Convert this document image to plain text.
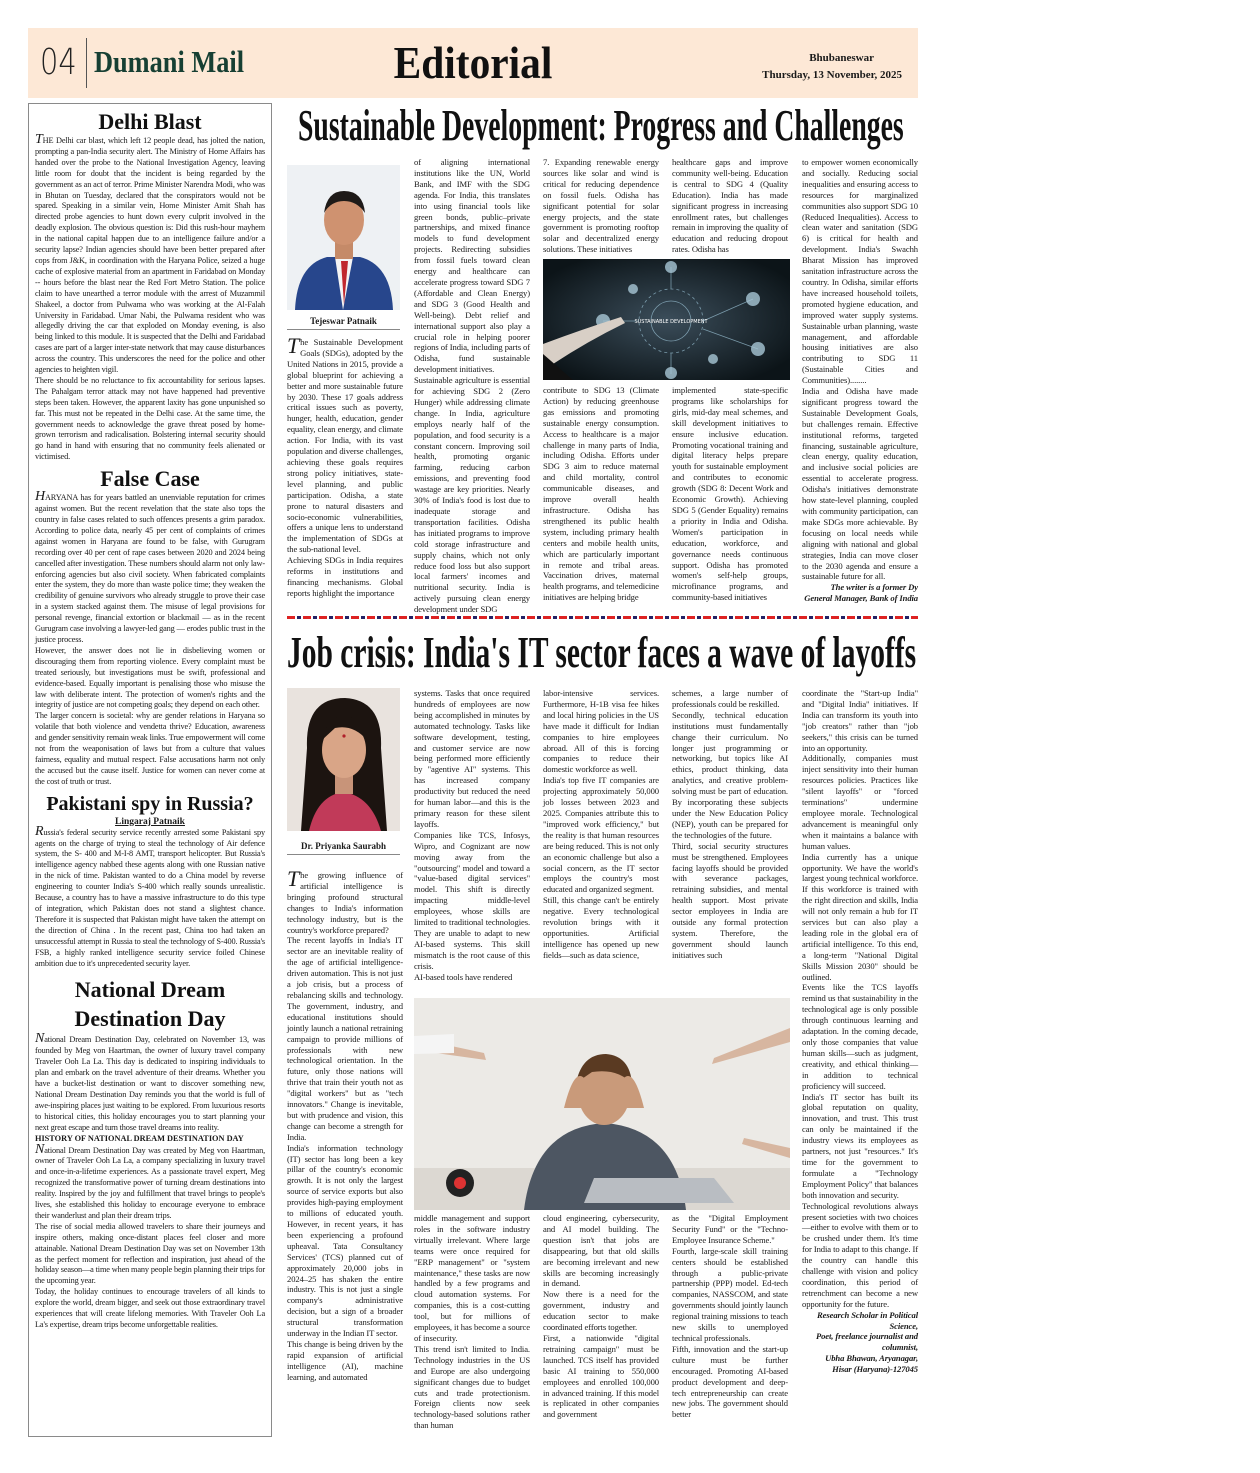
04 Dumani Mail	Editorial	Bhubaneswar
Thursday, 13 November, 2025
Delhi Blast

THE Delhi car blast, which left 12 people dead, has jolted the nation, prompting a pan-India security alert. The Ministry of Home Affairs has handed over the probe to the National Investigation Agency, leaving little room for doubt that the incident is being regarded by the government as an act of terror. Prime Minister Narendra Modi, who was in Bhutan on Tuesday, declared that the conspirators would not be spared. Speaking in a similar vein, Home Minister Amit Shah has directed probe agencies to hunt down every culprit involved in the deadly explosion. The obvious question is: Did this rush-hour mayhem in the national capital happen due to an intelligence failure and/or a security lapse? Indian agencies should have been better prepared after cops from J&K, in coordination with the Haryana Police, seized a huge cache of explosive material from an apartment in Faridabad on Monday -- hours before the blast near the Red Fort Metro Station. The police claim to have unearthed a terror module with the arrest of Muzammil Shakeel, a doctor from Pulwama who was working at the Al-Falah University in Faridabad. Umar Nabi, the Pulwama resident who was allegedly driving the car that exploded on Monday evening, is also being linked to this module. It is suspected that the Delhi and Faridabad cases are part of a larger inter-state network that may cause disturbances across the country. This underscores the need for the police and other agencies to heighten vigil.

There should be no reluctance to fix accountability for serious lapses. The Pahalgam terror attack may not have happened had preventive steps been taken. However, the apparent laxity has gone unpunished so far. This must not be repeated in the Delhi case. At the same time, the government needs to acknowledge the grave threat posed by home-grown terrorism and radicalisation. Bolstering internal security should go hand in hand with ensuring that no community feels alienated or victimised.

False Case

HARYANA has for years battled an unenviable reputation for crimes against women. But the recent revelation that the state also tops the country in false cases related to such offences presents a grim paradox. According to police data, nearly 45 per cent of complaints of crimes against women in Haryana are found to be false, with Gurugram recording over 40 per cent of rape cases between 2020 and 2024 being cancelled after investigation. These numbers should alarm not only law-enforcing agencies but also civil society. When fabricated complaints enter the system, they do more than waste police time; they weaken the credibility of genuine survivors who already struggle to prove their case in a system stacked against them. The misuse of legal provisions for personal revenge, financial extortion or blackmail — as in the recent Gurugram case involving a lawyer-led gang — erodes public trust in the justice process.

However, the answer does not lie in disbelieving women or discouraging them from reporting violence. Every complaint must be treated seriously, but investigations must be swift, professional and evidence-based. Equally important is penalising those who misuse the law with deliberate intent. The protection of women's rights and the integrity of justice are not competing goals; they depend on each other.

The larger concern is societal: why are gender relations in Haryana so volatile that both violence and vendetta thrive? Education, awareness and gender sensitivity remain weak links. True empowerment will come not from the weaponisation of laws but from a culture that values fairness, equality and mutual respect. False accusations harm not only the accused but the cause itself. Justice for women can never come at the cost of truth or trust.

Pakistani spy in Russia?
Lingaraj Patnaik

Russia's federal security service recently arrested some Pakistani spy agents on the charge of trying to steal the technology of Air defence system, the S- 400 and M-I-8 AMT, transport helicopter. But Russia's intelligence agency nabbed these agents along with one Russian native in the nick of time. Pakistan wanted to do a China model by reverse engineering to counter India's S-400 which really sounds unrealistic. Because, a country has to have a massive infrastructure to do this type of integration, which Pakistan does not stand a slightest chance. Therefore it is suspected that Pakistan might have taken the attempt on the direction of China . In the recent past, China too had taken an unsuccessful attempt in Russia to steal the technology of S-400. Russia's FSB, a highly ranked intelligence security service foiled Chinese ambition due to it's unprecedented security layer.

National Dream Destination Day

National Dream Destination Day, celebrated on November 13, was founded by Meg von Haartman, the owner of luxury travel company Traveler Ooh La La. This day is dedicated to inspiring individuals to plan and embark on the travel adventure of their dreams. Whether you have a bucket-list destination or want to discover something new, National Dream Destination Day reminds you that the world is full of awe-inspiring places just waiting to be explored. From luxurious resorts to historical cities, this holiday encourages you to start planning your next great escape and turn those travel dreams into reality.

HISTORY OF NATIONAL DREAM DESTINATION DAY

National Dream Destination Day was created by Meg von Haartman, owner of Traveler Ooh La La, a company specializing in luxury travel and once-in-a-lifetime experiences. As a passionate travel expert, Meg recognized the transformative power of turning dream destinations into reality. Inspired by the joy and fulfillment that travel brings to people's lives, she established this holiday to encourage everyone to embrace their wanderlust and plan their dream trips.

The rise of social media allowed travelers to share their journeys and inspire others, making once-distant places feel closer and more attainable. National Dream Destination Day was set on November 13th as the perfect moment for reflection and inspiration, just ahead of the holiday season—a time when many people begin planning their trips for the upcoming year.

Today, the holiday continues to encourage travelers of all kinds to explore the world, dream bigger, and seek out those extraordinary travel experiences that will create lifelong memories. With Traveler Ooh La La's expertise, dream trips become unforgettable realities.

Sustainable Development: Progress and Challenges
Tejeswar Patnaik

The Sustainable Development Goals (SDGs), adopted by the United Nations in 2015, provide a global blueprint for achieving a better and more sustainable future by 2030. These 17 goals address critical issues such as poverty, hunger, health, education, gender equality, clean energy, and climate action. For India, with its vast population and diverse challenges, achieving these goals requires strong policy initiatives, state-level planning, and public participation. Odisha, a state prone to natural disasters and socio-economic vulnerabilities, offers a unique lens to understand the implementation of SDGs at the sub-national level.

Achieving SDGs in India requires reforms in institutions and financing mechanisms. Global reports highlight the importance

of aligning international institutions like the UN, World Bank, and IMF with the SDG agenda. For India, this translates into using financial tools like green bonds, public–private partnerships, and mixed finance models to fund development projects. Redirecting subsidies from fossil fuels toward clean energy and healthcare can accelerate progress toward SDG 7 (Affordable and Clean Energy) and SDG 3 (Good Health and Well-being). Debt relief and international support also play a crucial role in helping poorer regions of India, including parts of Odisha, fund sustainable development initiatives.

Sustainable agriculture is essential for achieving SDG 2 (Zero Hunger) while addressing climate change. In India, agriculture employs nearly half of the population, and food security is a constant concern. Improving soil health, promoting organic farming, reducing carbon emissions, and preventing food wastage are key priorities. Nearly 30% of India's food is lost due to inadequate storage and transportation facilities. Odisha has initiated programs to improve cold storage infrastructure and supply chains, which not only reduce food loss but also support local farmers' incomes and nutritional security. India is actively pursuing clean energy development under SDG

7. Expanding renewable energy sources like solar and wind is critical for reducing dependence on fossil fuels. Odisha has significant potential for solar energy projects, and the state government is promoting rooftop solar and decentralized energy solutions. These initiatives

healthcare gaps and improve community well-being. Education is central to SDG 4 (Quality Education). India has made significant progress in increasing enrollment rates, but challenges remain in improving the quality of education and reducing dropout rates. Odisha has

SUSTAINABLE DEVELOPMENT

contribute to SDG 13 (Climate Action) by reducing greenhouse gas emissions and promoting sustainable energy consumption. Access to healthcare is a major challenge in many parts of India, including Odisha. Efforts under SDG 3 aim to reduce maternal and child mortality, control communicable diseases, and improve overall health infrastructure. Odisha has strengthened its public health system, including primary health centers and mobile health units, which are particularly important in remote and tribal areas. Vaccination drives, maternal health programs, and telemedicine initiatives are helping bridge

implemented state-specific programs like scholarships for girls, mid-day meal schemes, and skill development initiatives to ensure inclusive education. Promoting vocational training and digital literacy helps prepare youth for sustainable employment and contributes to economic growth (SDG 8: Decent Work and Economic Growth). Achieving SDG 5 (Gender Equality) remains a priority in India and Odisha. Women's participation in education, workforce, and governance needs continuous support. Odisha has promoted women's self-help groups, microfinance programs, and community-based initiatives

to empower women economically and socially. Reducing social inequalities and ensuring access to resources for marginalized communities also support SDG 10 (Reduced Inequalities). Access to clean water and sanitation (SDG 6) is critical for health and development. India's Swachh Bharat Mission has improved sanitation infrastructure across the country. In Odisha, similar efforts have increased household toilets, promoted hygiene education, and improved water supply systems. Sustainable urban planning, waste management, and affordable housing initiatives are also contributing to SDG 11 (Sustainable Cities and Communities)........

India and Odisha have made significant progress toward the Sustainable Development Goals, but challenges remain. Effective institutional reforms, targeted financing, sustainable agriculture, clean energy, quality education, and inclusive social policies are essential to accelerate progress. Odisha's initiatives demonstrate how state-level planning, coupled with community participation, can make SDGs more achievable. By focusing on local needs while aligning with national and global strategies, India can move closer to the 2030 agenda and ensure a sustainable future for all.

The writer is a former Dy General Manager, Bank of India

Job crisis: India's IT sector faces a wave of layoffs
Dr. Priyanka Saurabh

The growing influence of artificial intelligence is bringing profound structural changes to India's information technology industry, but is the country's workforce prepared?

The recent layoffs in India's IT sector are an inevitable reality of the age of artificial intelligence-driven automation. This is not just a job crisis, but a process of rebalancing skills and technology. The government, industry, and educational institutions should jointly launch a national retraining campaign to provide millions of professionals with new technological orientation. In the future, only those nations will thrive that train their youth not as "digital workers" but as "tech innovators." Change is inevitable, but with prudence and vision, this change can become a strength for India.

India's information technology (IT) sector has long been a key pillar of the country's economic growth. It is not only the largest source of service exports but also provides high-paying employment to millions of educated youth. However, in recent years, it has been experiencing a profound upheaval. Tata Consultancy Services' (TCS) planned cut of approximately 20,000 jobs in 2024–25 has shaken the entire industry. This is not just a single company's administrative decision, but a sign of a broader structural transformation underway in the Indian IT sector.

This change is being driven by the rapid expansion of artificial intelligence (AI), machine learning, and automated

systems. Tasks that once required hundreds of employees are now being accomplished in minutes by automated technology. Tasks like software development, testing, and customer service are now being performed more efficiently by "agentive AI" systems. This has increased company productivity but reduced the need for human labor—and this is the primary reason for these silent layoffs.

Companies like TCS, Infosys, Wipro, and Cognizant are now moving away from the "outsourcing" model and toward a "value-based digital services" model. This shift is directly impacting middle-level employees, whose skills are limited to traditional technologies. They are unable to adapt to new AI-based systems. This skill mismatch is the root cause of this crisis.

AI-based tools have rendered

labor-intensive services. Furthermore, H-1B visa fee hikes and local hiring policies in the US have made it difficult for Indian companies to hire employees abroad. All of this is forcing companies to reduce their domestic workforce as well.

India's top five IT companies are projecting approximately 50,000 job losses between 2023 and 2025. Companies attribute this to "improved work efficiency," but the reality is that human resources are being reduced. This is not only an economic challenge but also a social concern, as the IT sector employs the country's most educated and organized segment.

Still, this change can't be entirely negative. Every technological revolution brings with it opportunities. Artificial intelligence has opened up new fields—such as data science,

schemes, a large number of professionals could be reskilled.

Secondly, technical education institutions must fundamentally change their curriculum. No longer just programming or networking, but topics like AI ethics, product thinking, data analytics, and creative problem-solving must be part of education. By incorporating these subjects under the New Education Policy (NEP), youth can be prepared for the technologies of the future.

Third, social security structures must be strengthened. Employees facing layoffs should be provided with severance packages, retraining subsidies, and mental health support. Most private sector employees in India are outside any formal protection system. Therefore, the government should launch initiatives such

middle management and support roles in the software industry virtually irrelevant. Where large teams were once required for "ERP management" or "system maintenance," these tasks are now handled by a few programs and cloud automation systems. For companies, this is a cost-cutting tool, but for millions of employees, it has become a source of insecurity.

This trend isn't limited to India. Technology industries in the US and Europe are also undergoing significant changes due to budget cuts and trade protectionism. Foreign clients now seek technology-based solutions rather than human

cloud engineering, cybersecurity, and AI model building. The question isn't that jobs are disappearing, but that old skills are becoming irrelevant and new skills are becoming increasingly in demand.

Now there is a need for the government, industry and education sector to make coordinated efforts together.

First, a nationwide "digital retraining campaign" must be launched. TCS itself has provided basic AI training to 550,000 employees and enrolled 100,000 in advanced training. If this model is replicated in other companies and government

as the "Digital Employment Security Fund" or the "Techno-Employee Insurance Scheme."

Fourth, large-scale skill training centers should be established through a public-private partnership (PPP) model. Ed-tech companies, NASSCOM, and state governments should jointly launch regional training missions to teach new skills to unemployed technical professionals.

Fifth, innovation and the start-up culture must be further encouraged. Promoting AI-based product development and deep-tech entrepreneurship can create new jobs. The government should better

coordinate the "Start-up India" and "Digital India" initiatives. If India can transform its youth into "job creators" rather than "job seekers," this crisis can be turned into an opportunity.

Additionally, companies must inject sensitivity into their human resources policies. Practices like "silent layoffs" or "forced terminations" undermine employee morale. Technological advancement is meaningful only when it maintains a balance with human values.

India currently has a unique opportunity. We have the world's largest young technical workforce. If this workforce is trained with the right direction and skills, India will not only remain a hub for IT services but can also play a leading role in the global era of artificial intelligence. To this end, a long-term "National Digital Skills Mission 2030" should be outlined.

Events like the TCS layoffs remind us that sustainability in the technological age is only possible through continuous learning and adaptation. In the coming decade, only those companies that value human skills—such as judgment, creativity, and ethical thinking—in addition to technical proficiency will succeed.

India's IT sector has built its global reputation on quality, innovation, and trust. This trust can only be maintained if the industry views its employees as partners, not just "resources." It's time for the government to formulate a "Technology Employment Policy" that balances both innovation and security.

Technological revolutions always present societies with two choices—either to evolve with them or to be crushed under them. It's time for India to adapt to this change. If the country can handle this challenge with vision and policy coordination, this period of retrenchment can become a new opportunity for the future.

Research Scholar in Political Science,

Poet, freelance journalist and columnist,

Ubha Bhawan, Aryanagar,

Hisar (Haryana)-127045
